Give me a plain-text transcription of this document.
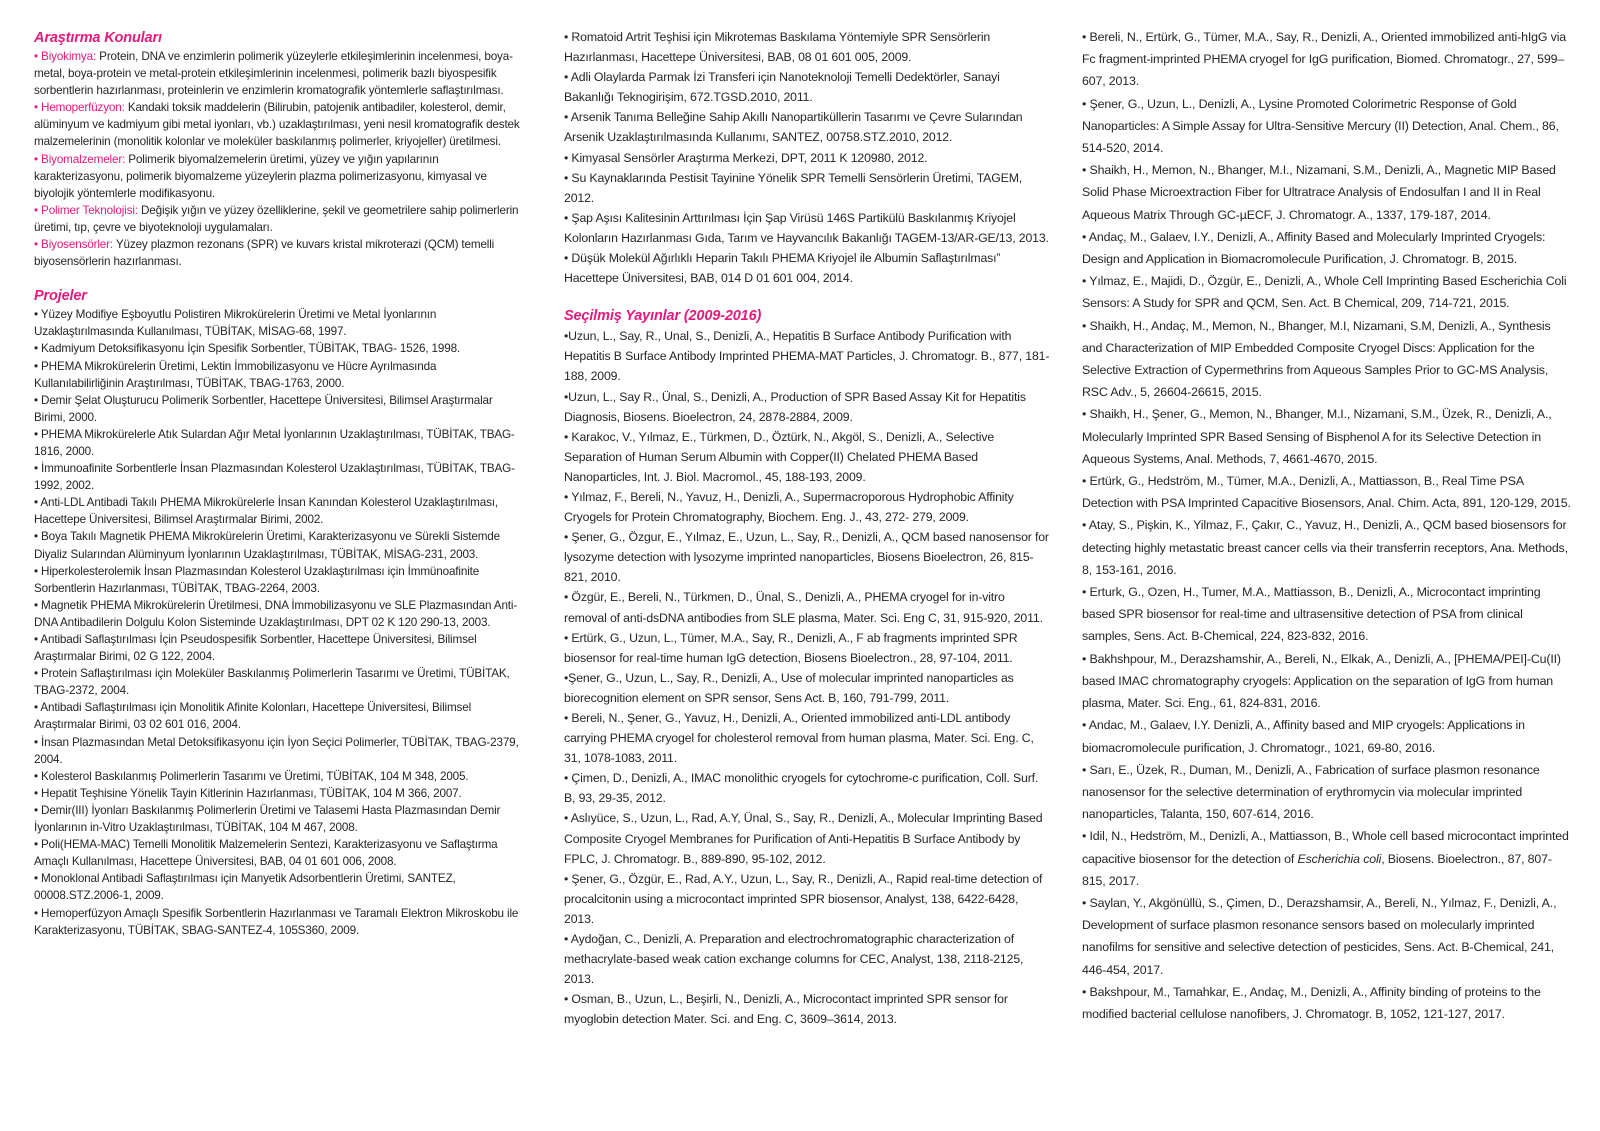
Araştırma Konuları

• Biyokimya: Protein, DNA ve enzimlerin polimerik yüzeylerle etkileşimlerinin incelenmesi, boya-metal, boya-protein ve metal-protein etkileşimlerinin incelenmesi, polimerik bazlı biyospesifik sorbentlerin hazırlanması, proteinlerin ve enzimlerin kromatografik yöntemlerle saflaştırılması.

• Hemoperfüzyon: Kandaki toksik maddelerin (Bilirubin, patojenik antibadiler, kolesterol, demir, alüminyum ve kadmiyum gibi metal iyonları, vb.) uzaklaştırılması, yeni nesil kromatografik destek malzemelerinin (monolitik kolonlar ve moleküler baskılanmış polimerler, kriyojeller) üretilmesi.

• Biyomalzemeler: Polimerik biyomalzemelerin üretimi, yüzey ve yığın yapılarının karakterizasyonu, polimerik biyomalzeme yüzeylerin plazma polimerizasyonu, kimyasal ve biyolojik yöntemlerle modifikasyonu.

• Polimer Teknolojisi: Değişik yığın ve yüzey özelliklerine, şekil ve geometrilere sahip polimerlerin üretimi, tıp, çevre ve biyoteknoloji uygulamaları.

• Biyosensörler: Yüzey plazmon rezonans (SPR) ve kuvars kristal mikroterazi (QCM) temelli biyosensörlerin hazırlanması.

Projeler

• Yüzey Modifiye Eşboyutlu Polistiren Mikrokürelerin Üretimi ve Metal İyonlarının Uzaklaştırılmasında Kullanılması, TÜBİTAK, MİSAG-68, 1997.

• Kadmiyum Detoksifikasyonu İçin Spesifik Sorbentler, TÜBİTAK, TBAG- 1526, 1998.

• PHEMA Mikrokürelerin Üretimi, Lektin İmmobilizasyonu ve Hücre Ayrılmasında Kullanılabilirliğinin Araştırılması, TÜBİTAK, TBAG-1763, 2000.

• Demir Şelat Oluşturucu Polimerik Sorbentler, Hacettepe Üniversitesi, Bilimsel Araştırmalar Birimi, 2000.

• PHEMA Mikrokürelerle Atık Sulardan Ağır Metal İyonlarının Uzaklaştırılması, TÜBİTAK, TBAG-1816, 2000.

• İmmunoafinite Sorbentlerle İnsan Plazmasından Kolesterol Uzaklaştırılması, TÜBİTAK, TBAG-1992, 2002.

• Anti-LDL Antibadi Takılı PHEMA Mikrokürelerle İnsan Kanından Kolesterol Uzaklaştırılması, Hacettepe Üniversitesi, Bilimsel Araştırmalar Birimi, 2002.

• Boya Takılı Magnetik PHEMA Mikrokürelerin Üretimi, Karakterizasyonu ve Sürekli Sistemde Diyaliz Sularından Alüminyum İyonlarının Uzaklaştırılması, TÜBİTAK, MİSAG-231, 2003.

• Hiperkolesterolemik İnsan Plazmasından Kolesterol Uzaklaştırılması için İmmünoafinite Sorbentlerin Hazırlanması, TÜBİTAK, TBAG-2264, 2003.

• Magnetik PHEMA Mikrokürelerin Üretilmesi, DNA İmmobilizasyonu ve SLE Plazmasından Anti-DNA Antibadilerin Dolgulu Kolon Sisteminde Uzaklaştırılması, DPT 02 K 120 290-13, 2003.

• Antibadi Saflaştırılması İçin Pseudospesifik Sorbentler, Hacettepe Üniversitesi, Bilimsel Araştırmalar Birimi, 02 G 122, 2004.

• Protein Saflaştırılması için Moleküler Baskılanmış Polimerlerin Tasarımı ve Üretimi, TÜBİTAK, TBAG-2372, 2004.

• Antibadi Saflaştırılması için Monolitik Afinite Kolonları, Hacettepe Üniversitesi, Bilimsel Araştırmalar Birimi, 03 02 601 016, 2004.

• İnsan Plazmasından Metal Detoksifikasyonu için İyon Seçici Polimerler, TÜBİTAK, TBAG-2379, 2004.

• Kolesterol Baskılanmış Polimerlerin Tasarımı ve Üretimi, TÜBİTAK, 104 M 348, 2005.

• Hepatit Teşhisine Yönelik Tayin Kitlerinin Hazırlanması, TÜBİTAK, 104 M 366, 2007.

• Demir(III) İyonları Baskılanmış Polimerlerin Üretimi ve Talasemi Hasta Plazmasından Demir İyonlarının in-Vitro Uzaklaştırılması, TÜBİTAK, 104 M 467, 2008.

• Poli(HEMA-MAC) Temelli Monolitik Malzemelerin Sentezi, Karakterizasyonu ve Saflaştırma Amaçlı Kullanılması, Hacettepe Üniversitesi, BAB, 04 01 601 006, 2008.

• Monoklonal Antibadi Saflaştırılması için Manyetik Adsorbentlerin Üretimi, SANTEZ, 00008.STZ.2006-1, 2009.

• Hemoperfüzyon Amaçlı Spesifik Sorbentlerin Hazırlanması ve Taramalı Elektron Mikroskobu ile Karakterizasyonu, TÜBİTAK, SBAG-SANTEZ-4, 105S360, 2009.

• Romatoid Artrit Teşhisi için Mikrotemas Baskılama Yöntemiyle SPR Sensörlerin Hazırlanması, Hacettepe Üniversitesi, BAB, 08 01 601 005, 2009.

• Adli Olaylarda Parmak İzi Transferi için Nanoteknoloji Temelli Dedektörler, Sanayi Bakanlığı Teknogirişim, 672.TGSD.2010, 2011.

• Arsenik Tanıma Belleğine Sahip Akıllı Nanopartiküllerin Tasarımı ve Çevre Sularından Arsenik Uzaklaştırılmasında Kullanımı, SANTEZ, 00758.STZ.2010, 2012.

• Kimyasal Sensörler Araştırma Merkezi, DPT, 2011 K 120980, 2012.

• Su Kaynaklarında Pestisit Tayinine Yönelik SPR Temelli Sensörlerin Üretimi, TAGEM, 2012.

• Şap Aşısı Kalitesinin Arttırılması İçin Şap Virüsü 146S Partikülü Baskılanmış Kriyojel Kolonların Hazırlanması Gıda, Tarım ve Hayvancılık Bakanlığı TAGEM-13/AR-GE/13, 2013.

• Düşük Molekül Ağırlıklı Heparin Takılı PHEMA Kriyojel ile Albumin Saflaştırılması” Hacettepe Üniversitesi, BAB, 014 D 01 601 004, 2014.

Seçilmiş Yayınlar (2009-2016)

•Uzun, L., Say, R., Unal, S., Denizli, A., Hepatitis B Surface Antibody Purification with Hepatitis B Surface Antibody Imprinted PHEMA-MAT Particles, J. Chromatogr. B., 877, 181-188, 2009.

•Uzun, L., Say R., Ünal, S., Denizli, A., Production of SPR Based Assay Kit for Hepatitis Diagnosis, Biosens. Bioelectron, 24, 2878-2884, 2009.

• Karakoc, V., Yılmaz, E., Türkmen, D., Öztürk, N., Akgöl, S., Denizli, A., Selective Separation of Human Serum Albumin with Copper(II) Chelated PHEMA Based Nanoparticles, Int. J. Biol. Macromol., 45, 188-193, 2009.

• Yılmaz, F., Bereli, N., Yavuz, H., Denizli, A., Supermacroporous Hydrophobic Affinity Cryogels for Protein Chromatography, Biochem. Eng. J., 43, 272- 279, 2009.

• Şener, G., Özgur, E., Yılmaz, E., Uzun, L., Say, R., Denizli, A., QCM based nanosensor for lysozyme detection with lysozyme imprinted nanoparticles, Biosens Bioelectron, 26, 815-821, 2010.

• Özgür, E., Bereli, N., Türkmen, D., Ünal, S., Denizli, A., PHEMA cryogel for in-vitro removal of anti-dsDNA antibodies from SLE plasma, Mater. Sci. Eng C, 31, 915-920, 2011.

• Ertürk, G., Uzun, L., Tümer, M.A., Say, R., Denizli, A., F ab fragments imprinted SPR biosensor for real-time human IgG detection, Biosens Bioelectron., 28, 97-104, 2011.

•Şener, G., Uzun, L., Say, R., Denizli, A., Use of molecular imprinted nanoparticles as biorecognition element on SPR sensor, Sens Act. B, 160, 791-799, 2011.

• Bereli, N., Şener, G., Yavuz, H., Denizli, A., Oriented immobilized anti-LDL antibody carrying PHEMA cryogel for cholesterol removal from human plasma, Mater. Sci. Eng. C, 31, 1078-1083, 2011.

• Çimen, D., Denizli, A., IMAC monolithic cryogels for cytochrome-c purification, Coll. Surf. B, 93, 29-35, 2012.

• Aslıyüce, S., Uzun, L., Rad, A.Y, Ünal, S., Say, R., Denizli, A., Molecular Imprinting Based Composite Cryogel Membranes for Purification of Anti-Hepatitis B Surface Antibody by FPLC, J. Chromatogr. B., 889-890, 95-102, 2012.

• Şener, G., Özgür, E., Rad, A.Y., Uzun, L., Say, R., Denizli, A., Rapid real-time detection of procalcitonin using a microcontact imprinted SPR biosensor, Analyst, 138, 6422-6428, 2013.

• Aydoğan, C., Denizli, A. Preparation and electrochromatographic characterization of methacrylate-based weak cation exchange columns for CEC, Analyst, 138, 2118-2125, 2013.

• Osman, B., Uzun, L., Beşirli, N., Denizli, A., Microcontact imprinted SPR sensor for myoglobin detection Mater. Sci. and Eng. C, 3609–3614, 2013.

• Bereli, N., Ertürk, G., Tümer, M.A., Say, R., Denizli, A., Oriented immobilized anti-hIgG via Fc fragment-imprinted PHEMA cryogel for IgG purification, Biomed. Chromatogr., 27, 599–607, 2013.

• Şener, G., Uzun, L., Denizli, A., Lysine Promoted Colorimetric Response of Gold Nanoparticles: A Simple Assay for Ultra-Sensitive Mercury (II) Detection, Anal. Chem., 86, 514-520, 2014.

• Shaikh, H., Memon, N., Bhanger, M.I., Nizamani, S.M., Denizli, A., Magnetic MIP Based Solid Phase Microextraction Fiber for Ultratrace Analysis of Endosulfan I and II in Real Aqueous Matrix Through GC-µECF, J. Chromatogr. A., 1337, 179-187, 2014.

• Andaç, M., Galaev, I.Y., Denizli, A., Affinity Based and Molecularly Imprinted Cryogels: Design and Application in Biomacromolecule Purification, J. Chromatogr. B, 2015.

• Yılmaz, E., Majidi, D., Özgür, E., Denizli, A., Whole Cell Imprinting Based Escherichia Coli Sensors: A Study for SPR and QCM, Sen. Act. B Chemical, 209, 714-721, 2015.

• Shaikh, H., Andaç, M., Memon, N., Bhanger, M.I, Nizamani, S.M, Denizli, A., Synthesis and Characterization of MIP Embedded Composite Cryogel Discs: Application for the Selective Extraction of Cypermethrins from Aqueous Samples Prior to GC-MS Analysis, RSC Adv., 5, 26604-26615, 2015.

• Shaikh, H., Şener, G., Memon, N., Bhanger, M.I., Nizamani, S.M., Üzek, R., Denizli, A., Molecularly Imprinted SPR Based Sensing of Bisphenol A for its Selective Detection in Aqueous Systems, Anal. Methods, 7, 4661-4670, 2015.

• Ertürk, G., Hedström, M., Tümer, M.A., Denizli, A., Mattiasson, B., Real Time PSA Detection with PSA Imprinted Capacitive Biosensors, Anal. Chim. Acta, 891, 120-129, 2015.

• Atay, S., Pişkin, K., Yilmaz, F., Çakır, C., Yavuz, H., Denizli, A., QCM based biosensors for detecting highly metastatic breast cancer cells via their transferrin receptors, Ana. Methods, 8, 153-161, 2016.

• Erturk, G., Ozen, H., Tumer, M.A., Mattiasson, B., Denizli, A., Microcontact imprinting based SPR biosensor for real-time and ultrasensitive detection of PSA from clinical samples, Sens. Act. B-Chemical, 224, 823-832, 2016.

• Bakhshpour, M., Derazshamshir, A., Bereli, N., Elkak, A., Denizli, A., [PHEMA/PEI]-Cu(II) based IMAC chromatography cryogels: Application on the separation of IgG from human plasma, Mater. Sci. Eng., 61, 824-831, 2016.

• Andac, M., Galaev, I.Y. Denizli, A., Affinity based and MIP cryogels: Applications in biomacromolecule purification, J. Chromatogr., 1021, 69-80, 2016.

• Sarı, E., Üzek, R., Duman, M., Denizli, A., Fabrication of surface plasmon resonance nanosensor for the selective determination of erythromycin via molecular imprinted nanoparticles, Talanta, 150, 607-614, 2016.

• Idil, N., Hedström, M., Denizli, A., Mattiasson, B., Whole cell based microcontact imprinted capacitive biosensor for the detection of Escherichia coli, Biosens. Bioelectron., 87, 807-815, 2017.

• Saylan, Y., Akgönüllü, S., Çimen, D., Derazshamsir, A., Bereli, N., Yılmaz, F., Denizli, A., Development of surface plasmon resonance sensors based on molecularly imprinted nanofilms for sensitive and selective detection of pesticides, Sens. Act. B-Chemical, 241, 446-454, 2017.

• Bakshpour, M., Tamahkar, E., Andaç, M., Denizli, A., Affinity binding of proteins to the modified bacterial cellulose nanofibers, J. Chromatogr. B, 1052, 121-127, 2017.
